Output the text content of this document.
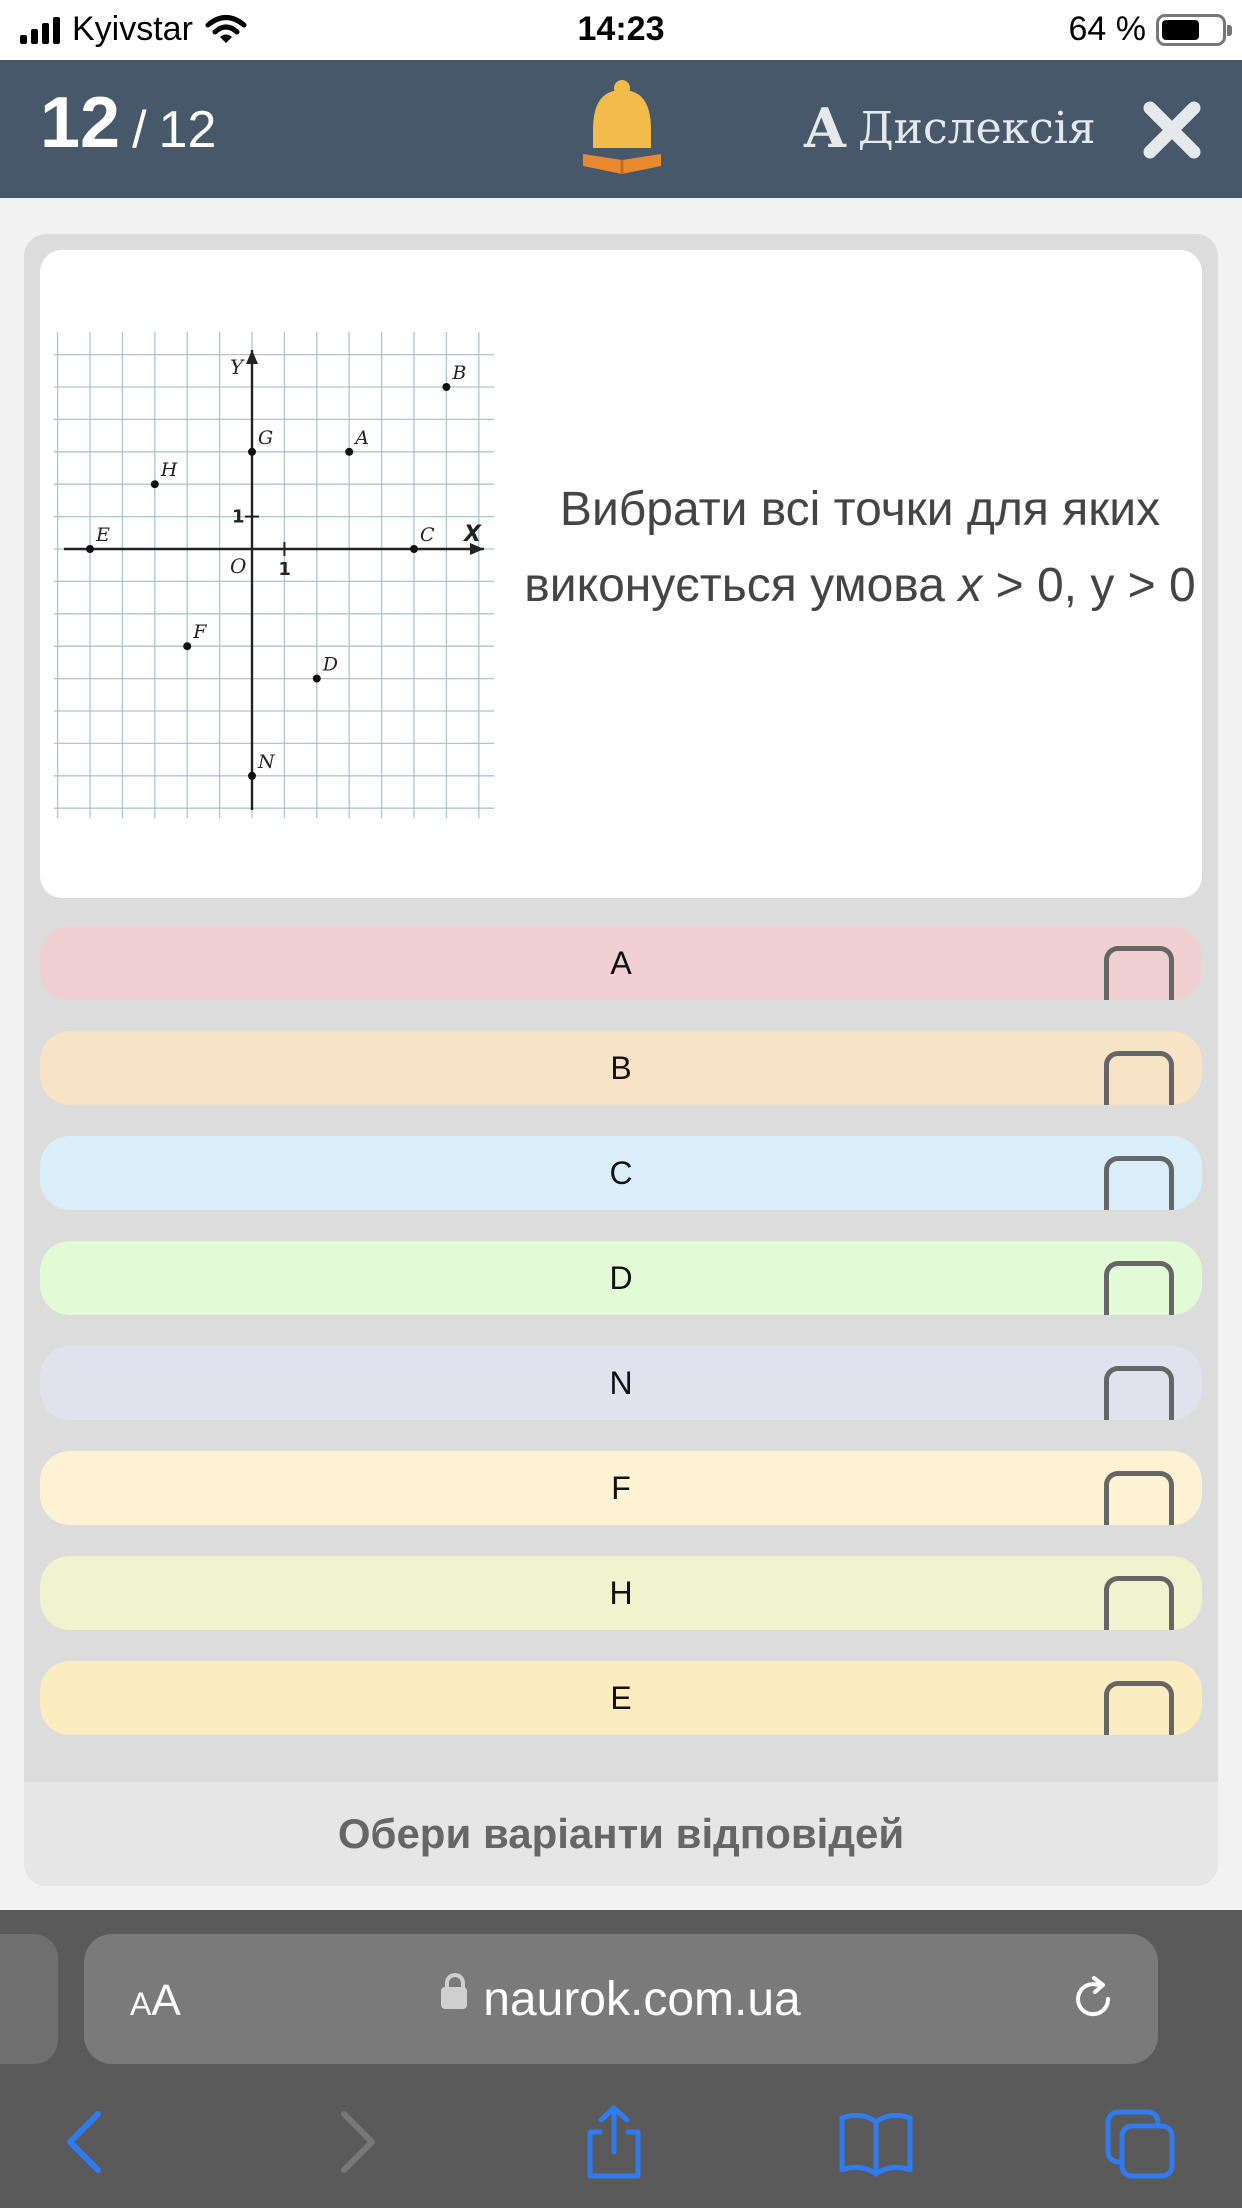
Kyivstar	14:23	64 %
12 / 12	A Дислексія
X
Y
O 1
1
A
B
C
D
E
F
G
H
N
Вибрати всі точки для яких виконується умова x > 0, y > 0
A
B
C
D
N
F
H
E
Обери варіанти відповідей
AA	naurok.com.ua
